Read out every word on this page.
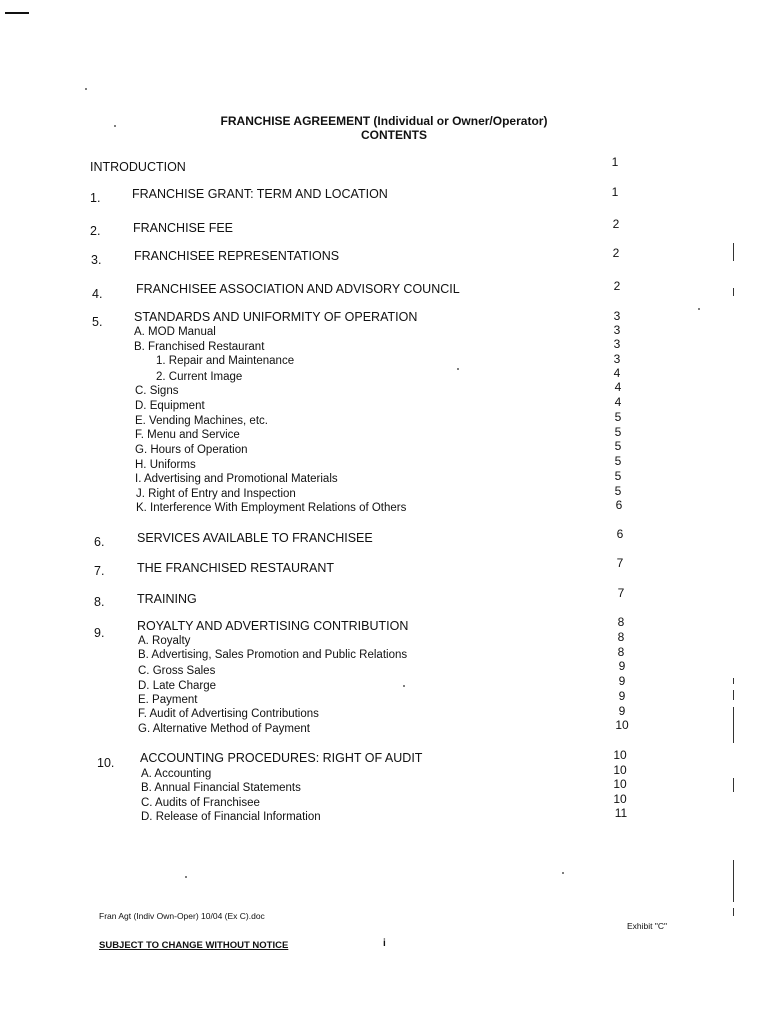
FRANCHISE AGREEMENT (Individual or Owner/Operator)
CONTENTS
INTRODUCTION	1
1.	FRANCHISE GRANT: TERM AND LOCATION	1
2.	FRANCHISE FEE	2
3.	FRANCHISEE REPRESENTATIONS	2
4.	FRANCHISEE ASSOCIATION AND ADVISORY COUNCIL	2
5.	STANDARDS AND UNIFORMITY OF OPERATION	3
A. MOD Manual	3
B. Franchised Restaurant	3
1. Repair and Maintenance	3
2. Current Image	4
C. Signs	4
D. Equipment	4
E. Vending Machines, etc.	5
F. Menu and Service	5
G. Hours of Operation	5
H. Uniforms	5
I. Advertising and Promotional Materials	5
J. Right of Entry and Inspection	5
K. Interference With Employment Relations of Others	6
6.	SERVICES AVAILABLE TO FRANCHISEE	6
7.	THE FRANCHISED RESTAURANT	7
8.	TRAINING	7
9.	ROYALTY AND ADVERTISING CONTRIBUTION	8
A. Royalty	8
B. Advertising, Sales Promotion and Public Relations	8
C. Gross Sales	9
D. Late Charge	9
E. Payment	9
F. Audit of Advertising Contributions	9
G. Alternative Method of Payment	10
10. ACCOUNTING PROCEDURES: RIGHT OF AUDIT	10
A. Accounting	10
B. Annual Financial Statements	10
C. Audits of Franchisee	10
D. Release of Financial Information	11
Fran Agt (Indiv Own-Oper) 10/04 (Ex C).doc
Exhibit "C"
SUBJECT TO CHANGE WITHOUT NOTICE	i
